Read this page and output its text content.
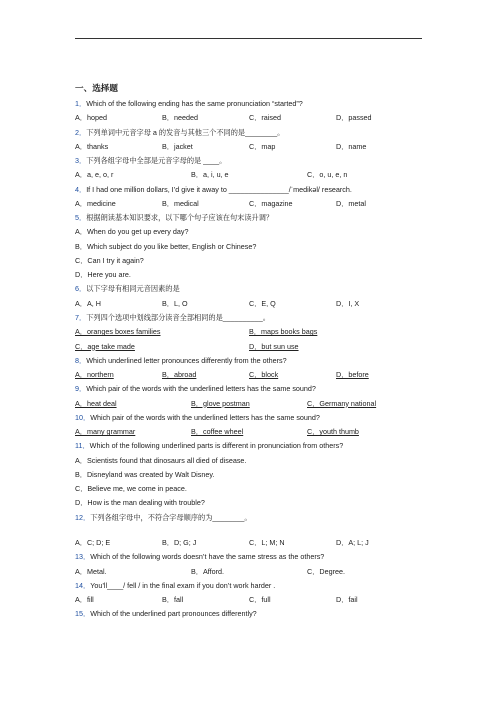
一、选择题
1．Which of the following ending has the same pronunciation “started”?
A．hoped	B．needed	C．raised	D．passed
2．下列单词中元音字母 a 的发音与其他三个不同的是________。
A．thanks	B．jacket	C．map	D．name
3．下列各组字母中全部是元音字母的是 ____。
A．a, e, o, r	B．a, i, u, e	C．o, u, e, n
4．If I had one million dollars, I’d give it away to _______________/ˈmedikəl/ research.
A．medicine	B．medical	C．magazine	D．metal
5．根据朗读基本知识要求，以下哪个句子应该在句末读升调？
A．When do you get up every day?
B．Which subject do you like better, English or Chinese?
C．Can I try it again?
D．Here you are.
6．以下字母有相同元音因素的是
A．A, H	B．L, O	C．E, Q	D．I, X
7．下列四个选项中划线部分读音全部相同的是__________。
A．oranges boxes families	B．maps books bags
C．age take made	D．but sun use
8．Which underlined letter pronounces differently from the others?
A．northern	B．abroad	C．block	D．before
9．Which pair of the words with the underlined letters has the same sound?
A．heat deal	B．glove postman	C．Germany national
10．Which pair of the words with the underlined letters has the same sound?
A．many grammar	B．coffee wheel	C．youth thumb
11．Which of the following underlined parts is different in pronunciation from others?
A．Scientists found that dinosaurs all died of disease.
B．Disneyland was created by Walt Disney.
C．Believe me, we come in peace.
D．How is the man dealing with trouble?
12．下列各组字母中，不符合字母顺序的为________。
A．C; D; E	B．D; G; J	C．L; M; N	D．A; L; J
13．Which of the following words doesn’t have the same stress as the others?
A．Metal.	B．Afford.	C．Degree.
14．You’ll____/ fell / in the final exam if you don’t work harder .
A．fill	B．fall	C．full	D．fail
15．Which of the underlined part pronounces differently?
